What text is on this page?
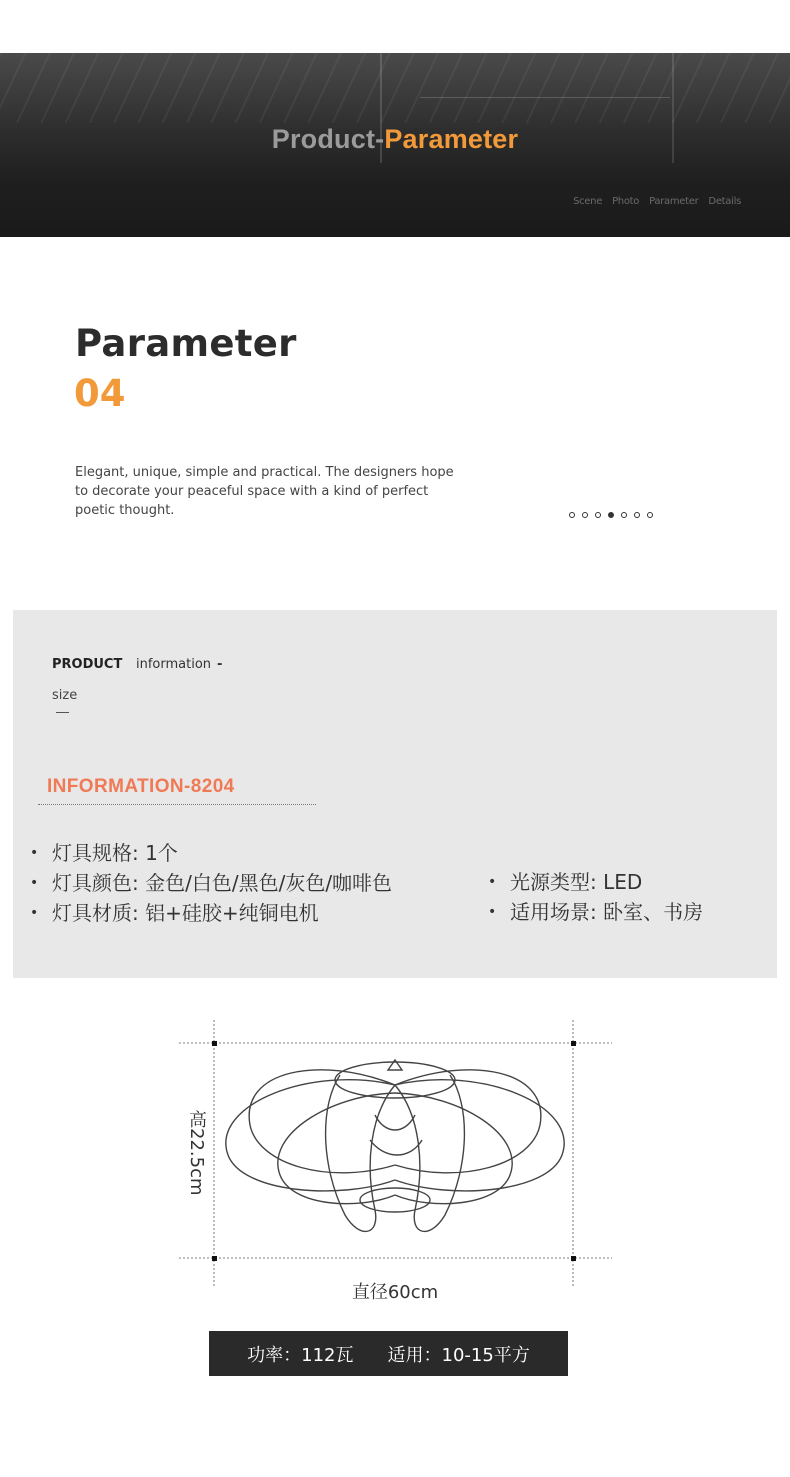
Product-Parameter
Scene Photo Parameter Details
Parameter
04
Elegant, unique, simple and practical. The designers hope to decorate your peaceful space with a kind of perfect poetic thought.
PRODUCT information -
size
INFORMATION-8204
• 灯具规格: 1个
• 灯具颜色: 金色/白色/黑色/灰色/咖啡色
• 灯具材质: 铝+硅胶+纯铜电机
• 光源类型: LED
• 适用场景: 卧室、书房
高22.5cm
直径60cm
功率：112瓦 适用：10-15平方
